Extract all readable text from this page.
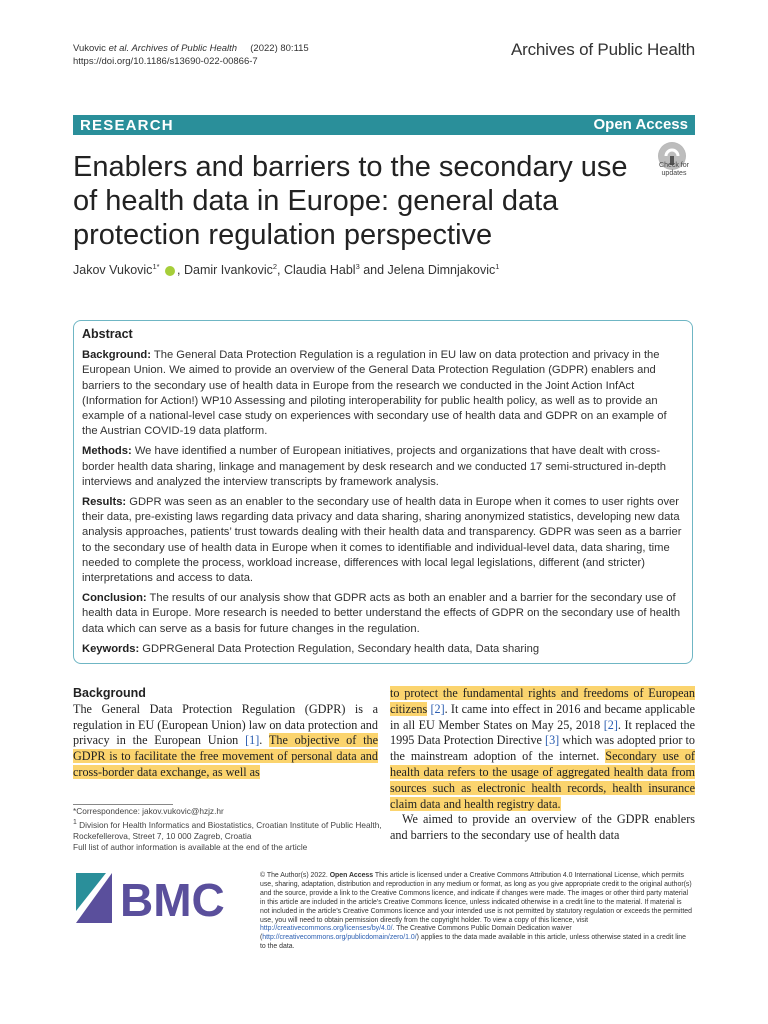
Vukovic et al. Archives of Public Health (2022) 80:115
https://doi.org/10.1186/s13690-022-00866-7
Archives of Public Health
RESEARCH	Open Access
Enablers and barriers to the secondary use of health data in Europe: general data protection regulation perspective
Check for
updates
Jakov Vukovic$^{1*}$ , Damir Ivankovic$^2$, Claudia Habl$^3$ and Jelena Dimnjakovic$^1$
Abstract

Background: The General Data Protection Regulation is a regulation in EU law on data protection and privacy in the European Union. We aimed to provide an overview of the General Data Protection Regulation (GDPR) enablers and barriers to the secondary use of health data in Europe from the research we conducted in the Joint Action InfAct (Information for Action!) WP10 Assessing and piloting interoperability for public health policy, as well as to provide an example of a national-level case study on experiences with secondary use of health data and GDPR on an example of the Austrian COVID-19 data platform.

Methods: We have identified a number of European initiatives, projects and organizations that have dealt with cross-border health data sharing, linkage and management by desk research and we conducted 17 semi-structured in-depth interviews and analyzed the interview transcripts by framework analysis.

Results: GDPR was seen as an enabler to the secondary use of health data in Europe when it comes to user rights over their data, pre-existing laws regarding data privacy and data sharing, sharing anonymized statistics, developing new data analysis approaches, patients’ trust towards dealing with their health data and transparency. GDPR was seen as a barrier to the secondary use of health data in Europe when it comes to identifiable and individual-level data, data sharing, time needed to complete the process, workload increase, differences with local legal legislations, different (and stricter) interpretations and access to data.

Conclusion: The results of our analysis show that GDPR acts as both an enabler and a barrier for the secondary use of health data in Europe. More research is needed to better understand the effects of GDPR on the secondary use of health data which can serve as a basis for future changes in the regulation.

Keywords: GDPRGeneral Data Protection Regulation, Secondary health data, Data sharing

Background

The General Data Protection Regulation (GDPR) is a regulation in EU (European Union) law on data protection and privacy in the European Union [1]. The objective of the GDPR is to facilitate the free movement of personal data and cross-border data exchange, as well as

*Correspondence: jakov.vukovic@hzjz.hr

$^1$ Division for Health Informatics and Biostatistics, Croatian Institute of Public Health, Rockefellerova, Street 7, 10 000 Zagreb, Croatia

Full list of author information is available at the end of the article

to protect the fundamental rights and freedoms of European citizens [2]. It came into effect in 2016 and became applicable in all EU Member States on May 25, 2018 [2]. It replaced the 1995 Data Protection Directive [3] which was adopted prior to the mainstream adoption of the internet. Secondary use of health data refers to the usage of aggregated health data from sources such as electronic health records, health insurance claim data and health registry data.

We aimed to provide an overview of the GDPR enablers and barriers to the secondary use of health data

BMC	© The Author(s) 2022. Open Access This article is licensed under a Creative Commons Attribution 4.0 International License, which permits use, sharing, adaptation, distribution and reproduction in any medium or format, as long as you give appropriate credit to the original author(s) and the source, provide a link to the Creative Commons licence, and indicate if changes were made. The images or other third party material in this article are included in the article’s Creative Commons licence, unless indicated otherwise in a credit line to the material. If material is not included in the article’s Creative Commons licence and your intended use is not permitted by statutory regulation or exceeds the permitted use, you will need to obtain permission directly from the copyright holder. To view a copy of this licence, visit http://creativecommons.org/licenses/by/4.0/. The Creative Commons Public Domain Dedication waiver (http://creativecommons.org/publicdomain/zero/1.0/) applies to the data made available in this article, unless otherwise stated in a credit line to the data.
